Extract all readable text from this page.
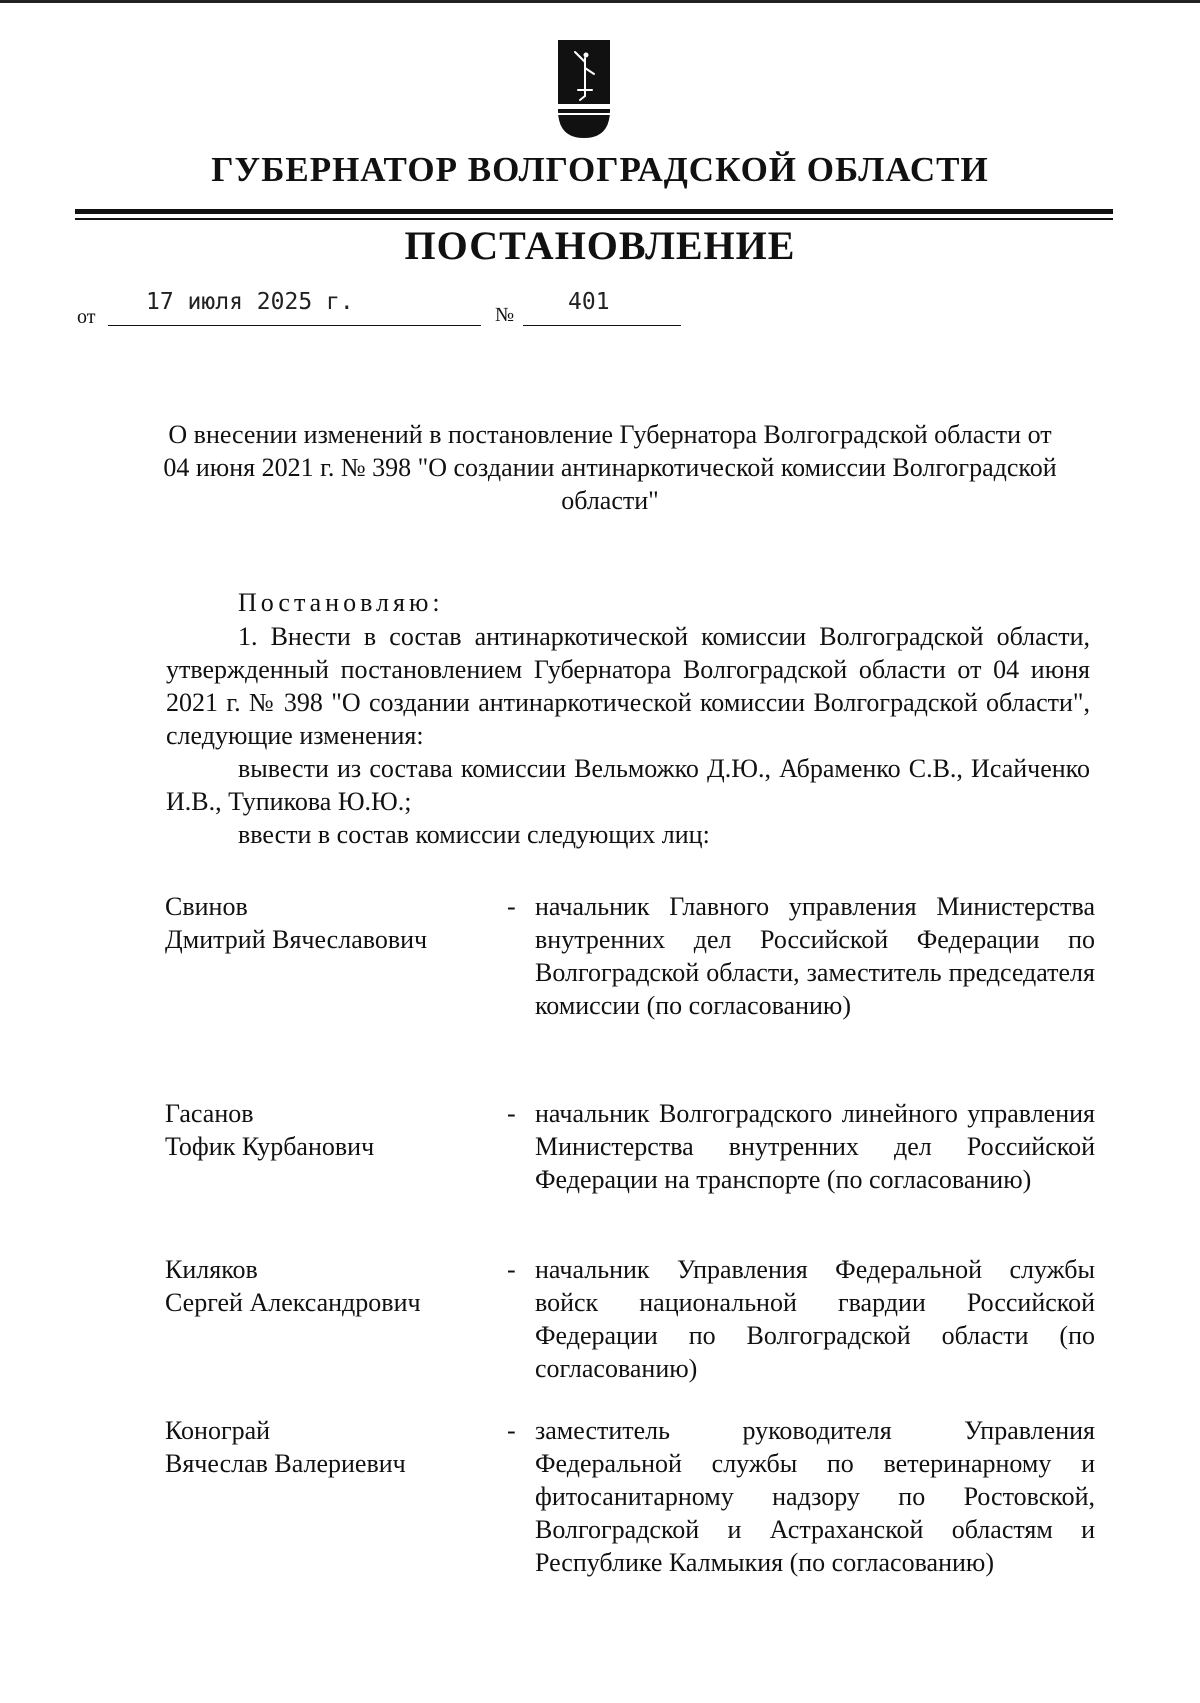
ГУБЕРНАТОР ВОЛГОГРАДСКОЙ ОБЛАСТИ
ПОСТАНОВЛЕНИЕ
от
17 июля 2025 г.	№ 401
О внесении изменений в постановление Губернатора Волгоградской области от 04 июня 2021 г. № 398 "О создании антинаркотической комиссии Волгоградской области"
Постановляю:

1. Внести в состав антинаркотической комиссии Волгоградской области, утвержденный постановлением Губернатора Волгоградской области от 04 июня 2021 г. № 398 "О создании антинаркотической комиссии Волгоградской области", следующие изменения:

вывести из состава комиссии Вельможко Д.Ю., Абраменко С.В., Исайченко И.В., Тупикова Ю.Ю.;

ввести в состав комиссии следующих лиц:

Свинов
Дмитрий Вячеславович
- начальник Главного управления Министерства внутренних дел Российской Федерации по Волгоградской области, заместитель председателя комиссии (по согласованию)
Гасанов
Тофик Курбанович
- начальник Волгоградского линейного управления Министерства внутренних дел Российской Федерации на транспорте (по согласованию)
Киляков
Сергей Александрович
- начальник Управления Федеральной службы войск национальной гвардии Российской Федерации по Волгоградской области (по согласованию)
Конограй
Вячеслав Валериевич
- заместитель руководителя Управления Федеральной службы по ветеринарному и фитосанитарному надзору по Ростовской, Волгоградской и Астраханской областям и Республике Калмыкия (по согласованию)
